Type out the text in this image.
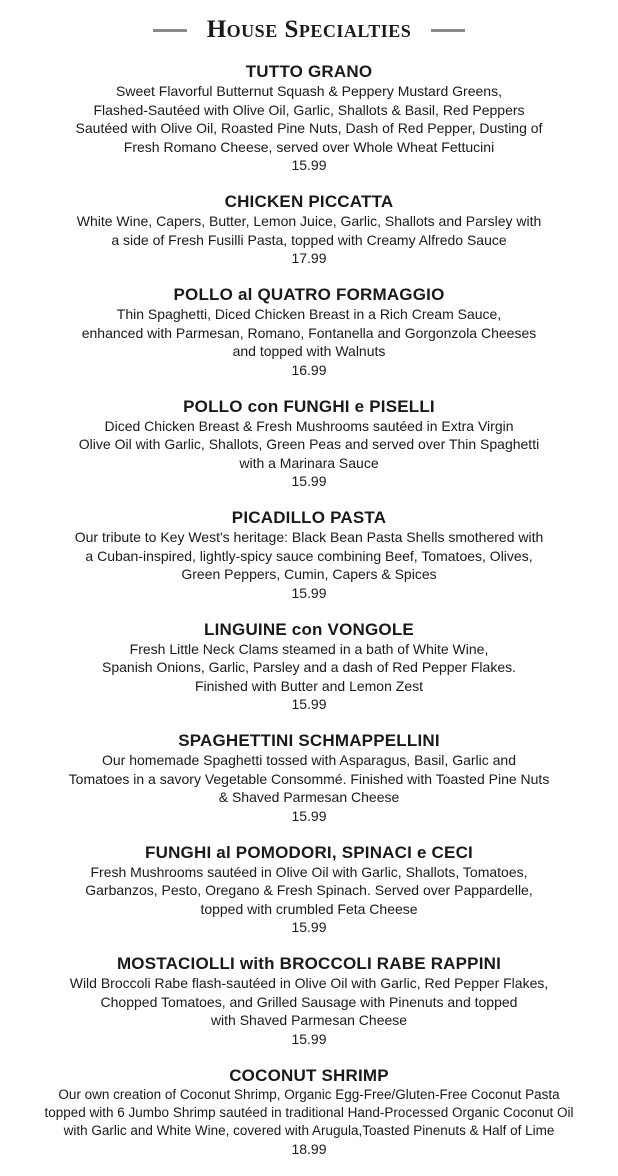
House Specialties
TUTTO GRANO
Sweet Flavorful Butternut Squash & Peppery Mustard Greens,
Flashed-Sautéed with Olive Oil, Garlic, Shallots & Basil, Red Peppers
Sautéed with Olive Oil, Roasted Pine Nuts, Dash of Red Pepper, Dusting of
Fresh Romano Cheese, served over Whole Wheat Fettucini
15.99
CHICKEN PICCATTA
White Wine, Capers, Butter, Lemon Juice, Garlic, Shallots and Parsley with
a side of Fresh Fusilli Pasta, topped with Creamy Alfredo Sauce
17.99
POLLO al QUATRO FORMAGGIO
Thin Spaghetti, Diced Chicken Breast in a Rich Cream Sauce,
enhanced with Parmesan, Romano, Fontanella and Gorgonzola Cheeses
and topped with Walnuts
16.99
POLLO con FUNGHI e PISELLI
Diced Chicken Breast & Fresh Mushrooms sautéed in Extra Virgin
Olive Oil with Garlic, Shallots, Green Peas and served over Thin Spaghetti
with a Marinara Sauce
15.99
PICADILLO PASTA
Our tribute to Key West's heritage: Black Bean Pasta Shells smothered with
a Cuban-inspired, lightly-spicy sauce combining Beef, Tomatoes, Olives,
Green Peppers, Cumin, Capers & Spices
15.99
LINGUINE con VONGOLE
Fresh Little Neck Clams steamed in a bath of White Wine,
Spanish Onions, Garlic, Parsley and a dash of Red Pepper Flakes.
Finished with Butter and Lemon Zest
15.99
SPAGHETTINI SCHMAPPELLINI
Our homemade Spaghetti tossed with Asparagus, Basil, Garlic and
Tomatoes in a savory Vegetable Consommé. Finished with Toasted Pine Nuts
& Shaved Parmesan Cheese
15.99
FUNGHI al POMODORI, SPINACI e CECI
Fresh Mushrooms sautéed in Olive Oil with Garlic, Shallots, Tomatoes,
Garbanzos, Pesto, Oregano & Fresh Spinach. Served over Pappardelle,
topped with crumbled Feta Cheese
15.99
MOSTACIOLLI with BROCCOLI RABE RAPPINI
Wild Broccoli Rabe flash-sautéed in Olive Oil with Garlic, Red Pepper Flakes,
Chopped Tomatoes, and Grilled Sausage with Pinenuts and topped
with Shaved Parmesan Cheese
15.99
COCONUT SHRIMP
Our own creation of Coconut Shrimp, Organic Egg-Free/Gluten-Free Coconut Pasta
topped with 6 Jumbo Shrimp sautéed in traditional Hand-Processed Organic Coconut Oil
with Garlic and White Wine, covered with Arugula,Toasted Pinenuts & Half of Lime
18.99
